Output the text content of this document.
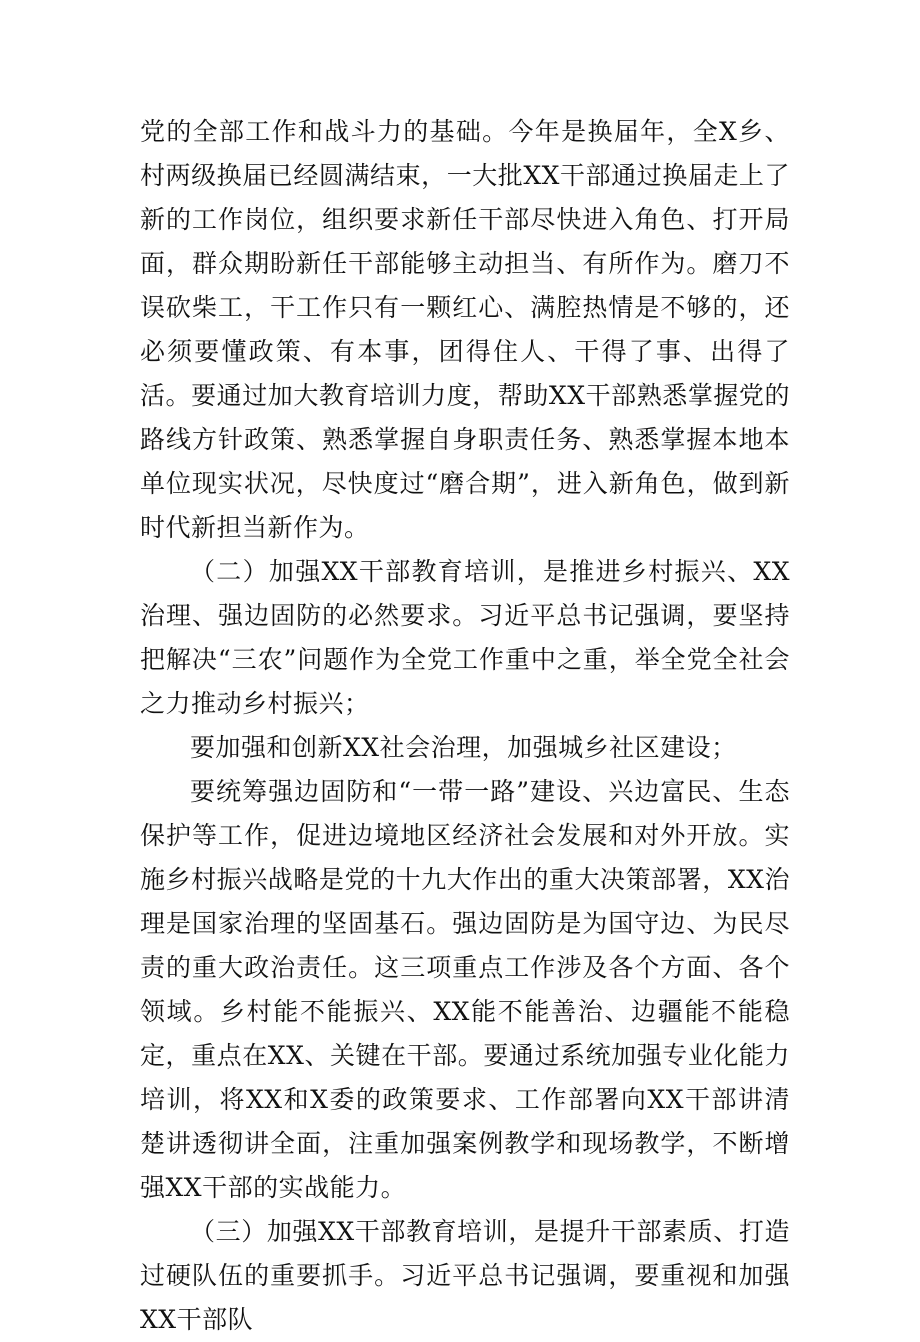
党的全部工作和战斗力的基础。今年是换届年，全X乡、村两级换届已经圆满结束，一大批XX干部通过换届走上了新的工作岗位，组织要求新任干部尽快进入角色、打开局面，群众期盼新任干部能够主动担当、有所作为。磨刀不误砍柴工，干工作只有一颗红心、满腔热情是不够的，还必须要懂政策、有本事，团得住人、干得了事、出得了活。要通过加大教育培训力度，帮助XX干部熟悉掌握党的路线方针政策、熟悉掌握自身职责任务、熟悉掌握本地本单位现实状况，尽快度过“磨合期”，进入新角色，做到新时代新担当新作为。

（二）加强XX干部教育培训，是推进乡村振兴、XX治理、强边固防的必然要求。习近平总书记强调，要坚持把解决“三农”问题作为全党工作重中之重，举全党全社会之力推动乡村振兴；

要加强和创新XX社会治理，加强城乡社区建设；

要统筹强边固防和“一带一路”建设、兴边富民、生态保护等工作，促进边境地区经济社会发展和对外开放。实施乡村振兴战略是党的十九大作出的重大决策部署，XX治理是国家治理的坚固基石。强边固防是为国守边、为民尽责的重大政治责任。这三项重点工作涉及各个方面、各个领域。乡村能不能振兴、XX能不能善治、边疆能不能稳定，重点在XX、关键在干部。要通过系统加强专业化能力培训，将XX和X委的政策要求、工作部署向XX干部讲清楚讲透彻讲全面，注重加强案例教学和现场教学，不断增强XX干部的实战能力。

（三）加强XX干部教育培训，是提升干部素质、打造过硬队伍的重要抓手。习近平总书记强调，要重视和加强XX干部队
